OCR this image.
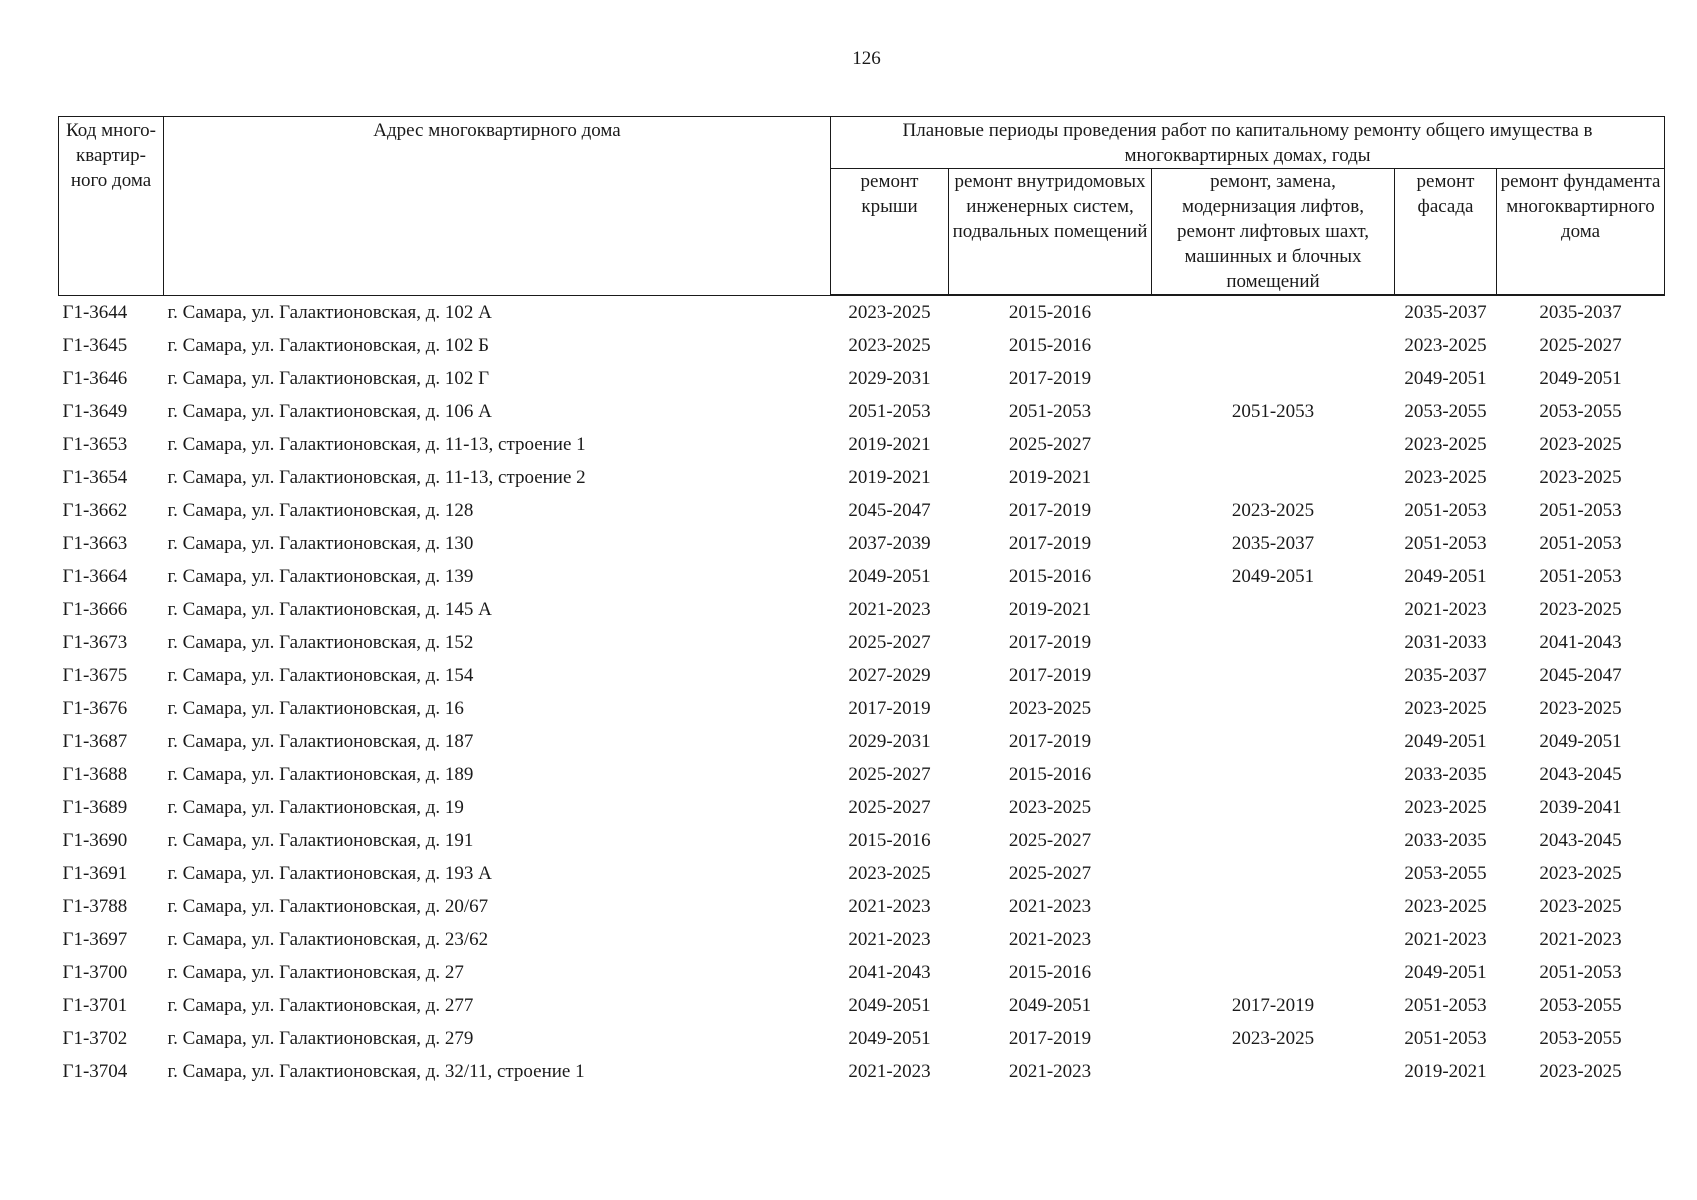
126
Код много-квартир-ного дома	Адрес многоквартирного дома	Плановые периоды проведения работ по капитальному ремонту общего имущества в многоквартирных домах, годы				

		ремонт крыши	ремонт внутридомовых инженерных систем, подвальных помещений	ремонт, замена, модернизация лифтов, ремонт лифтовых шахт, машинных и блочных помещений	ремонт фасада	ремонт фундамента многоквартирного дома
Г1-3644	г. Самара, ул. Галактионовская, д. 102 А	2023-2025	2015-2016		2035-2037	2035-2037
Г1-3645	г. Самара, ул. Галактионовская, д. 102 Б	2023-2025	2015-2016		2023-2025	2025-2027
Г1-3646	г. Самара, ул. Галактионовская, д. 102 Г	2029-2031	2017-2019		2049-2051	2049-2051
Г1-3649	г. Самара, ул. Галактионовская, д. 106 А	2051-2053	2051-2053	2051-2053	2053-2055	2053-2055
Г1-3653	г. Самара, ул. Галактионовская, д. 11-13, строение 1	2019-2021	2025-2027		2023-2025	2023-2025
Г1-3654	г. Самара, ул. Галактионовская, д. 11-13, строение 2	2019-2021	2019-2021		2023-2025	2023-2025
Г1-3662	г. Самара, ул. Галактионовская, д. 128	2045-2047	2017-2019	2023-2025	2051-2053	2051-2053
Г1-3663	г. Самара, ул. Галактионовская, д. 130	2037-2039	2017-2019	2035-2037	2051-2053	2051-2053
Г1-3664	г. Самара, ул. Галактионовская, д. 139	2049-2051	2015-2016	2049-2051	2049-2051	2051-2053
Г1-3666	г. Самара, ул. Галактионовская, д. 145 А	2021-2023	2019-2021		2021-2023	2023-2025
Г1-3673	г. Самара, ул. Галактионовская, д. 152	2025-2027	2017-2019		2031-2033	2041-2043
Г1-3675	г. Самара, ул. Галактионовская, д. 154	2027-2029	2017-2019		2035-2037	2045-2047
Г1-3676	г. Самара, ул. Галактионовская, д. 16	2017-2019	2023-2025		2023-2025	2023-2025
Г1-3687	г. Самара, ул. Галактионовская, д. 187	2029-2031	2017-2019		2049-2051	2049-2051
Г1-3688	г. Самара, ул. Галактионовская, д. 189	2025-2027	2015-2016		2033-2035	2043-2045
Г1-3689	г. Самара, ул. Галактионовская, д. 19	2025-2027	2023-2025		2023-2025	2039-2041
Г1-3690	г. Самара, ул. Галактионовская, д. 191	2015-2016	2025-2027		2033-2035	2043-2045
Г1-3691	г. Самара, ул. Галактионовская, д. 193 А	2023-2025	2025-2027		2053-2055	2023-2025
Г1-3788	г. Самара, ул. Галактионовская, д. 20/67	2021-2023	2021-2023		2023-2025	2023-2025
Г1-3697	г. Самара, ул. Галактионовская, д. 23/62	2021-2023	2021-2023		2021-2023	2021-2023
Г1-3700	г. Самара, ул. Галактионовская, д. 27	2041-2043	2015-2016		2049-2051	2051-2053
Г1-3701	г. Самара, ул. Галактионовская, д. 277	2049-2051	2049-2051	2017-2019	2051-2053	2053-2055
Г1-3702	г. Самара, ул. Галактионовская, д. 279	2049-2051	2017-2019	2023-2025	2051-2053	2053-2055
Г1-3704	г. Самара, ул. Галактионовская, д. 32/11, строение 1	2021-2023	2021-2023		2019-2021	2023-2025
